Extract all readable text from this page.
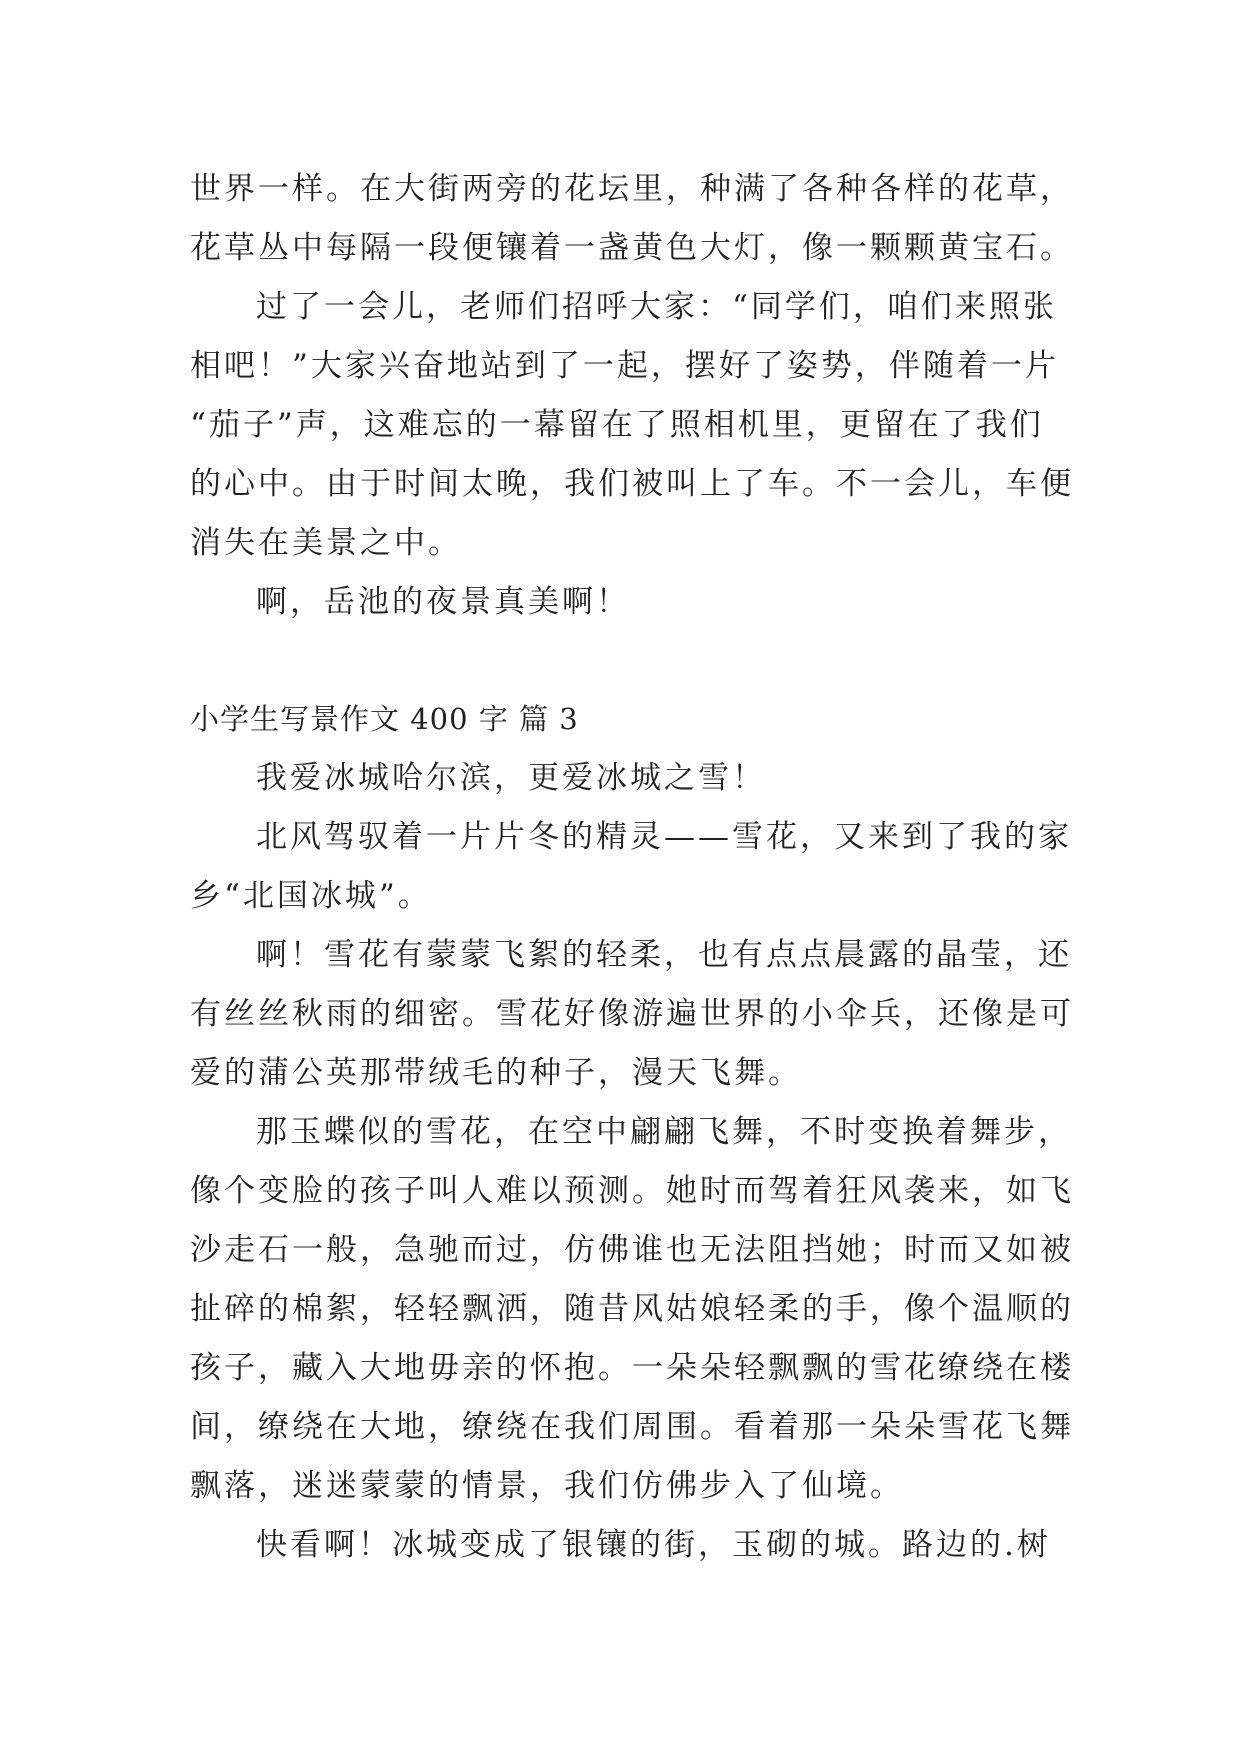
世界一样。在大街两旁的花坛里，种满了各种各样的花草，
花草丛中每隔一段便镶着一盏黄色大灯，像一颗颗黄宝石。
过了一会儿，老师们招呼大家：“同学们，咱们来照张
相吧！”大家兴奋地站到了一起，摆好了姿势，伴随着一片
“茄子”声，这难忘的一幕留在了照相机里，更留在了我们
的心中。由于时间太晚，我们被叫上了车。不一会儿，车便
消失在美景之中。
啊，岳池的夜景真美啊！
小学生写景作文 400 字 篇 3
我爱冰城哈尔滨，更爱冰城之雪！
北风驾驭着一片片冬的精灵——雪花，又来到了我的家
乡“北国冰城”。
啊！雪花有蒙蒙飞絮的轻柔，也有点点晨露的晶莹，还
有丝丝秋雨的细密。雪花好像游遍世界的小伞兵，还像是可
爱的蒲公英那带绒毛的种子，漫天飞舞。
那玉蝶似的雪花，在空中翩翩飞舞，不时变换着舞步，
像个变脸的孩子叫人难以预测。她时而驾着狂风袭来，如飞
沙走石一般，急驰而过，仿佛谁也无法阻挡她；时而又如被
扯碎的棉絮，轻轻飘洒，随昔风姑娘轻柔的手，像个温顺的
孩子，藏入大地毋亲的怀抱。一朵朵轻飘飘的雪花缭绕在楼
间，缭绕在大地，缭绕在我们周围。看着那一朵朵雪花飞舞
飘落，迷迷蒙蒙的情景，我们仿佛步入了仙境。
快看啊！冰城变成了银镶的街，玉砌的城。路边的.树
